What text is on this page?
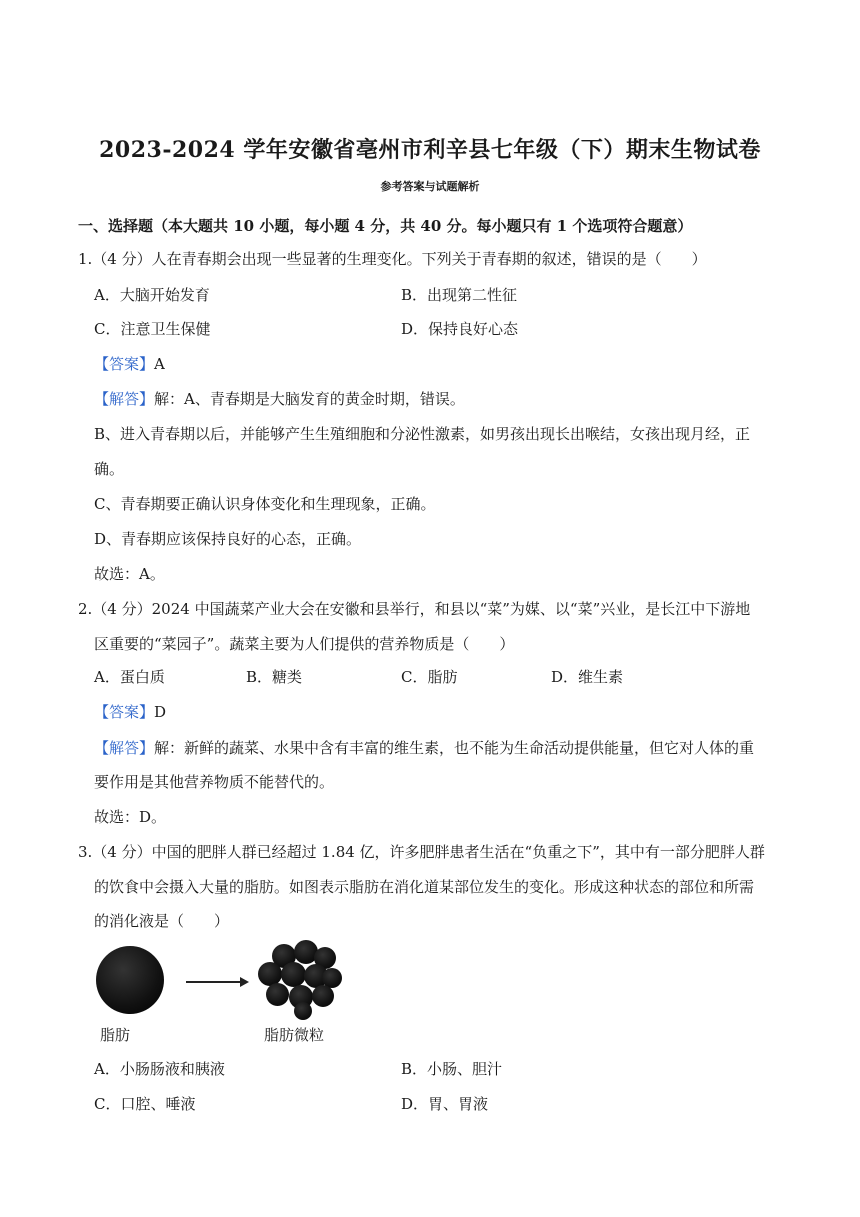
2023-2024 学年安徽省亳州市利辛县七年级（下）期末生物试卷
参考答案与试题解析
一、选择题（本大题共 10 小题，每小题 4 分，共 40 分。每小题只有 1 个选项符合题意）
1.（4 分）人在青春期会出现一些显著的生理变化。下列关于青春期的叙述，错误的是（　　）
A．大脑开始发育	B．出现第二性征
C．注意卫生保健	D．保持良好心态
【答案】A
【解答】解：A、青春期是大脑发育的黄金时期，错误。
B、进入青春期以后，并能够产生生殖细胞和分泌性激素，如男孩出现长出喉结，女孩出现月经，正
确。
C、青春期要正确认识身体变化和生理现象，正确。
D、青春期应该保持良好的心态，正确。
故选：A。
2.（4 分）2024 中国蔬菜产业大会在安徽和县举行，和县以“菜”为媒、以“菜”兴业，是长江中下游地
区重要的“菜园子”。蔬菜主要为人们提供的营养物质是（　　）
A．蛋白质	B．糖类	C．脂肪	D．维生素
【答案】D
【解答】解：新鲜的蔬菜、水果中含有丰富的维生素，也不能为生命活动提供能量，但它对人体的重
要作用是其他营养物质不能替代的。
故选：D。
3.（4 分）中国的肥胖人群已经超过 1.84 亿，许多肥胖患者生活在“负重之下”，其中有一部分肥胖人群
的饮食中会摄入大量的脂肪。如图表示脂肪在消化道某部位发生的变化。形成这种状态的部位和所需
的消化液是（　　）
脂肪	脂肪微粒
A．小肠肠液和胰液	B．小肠、胆汁
C．口腔、唾液	D．胃、胃液
